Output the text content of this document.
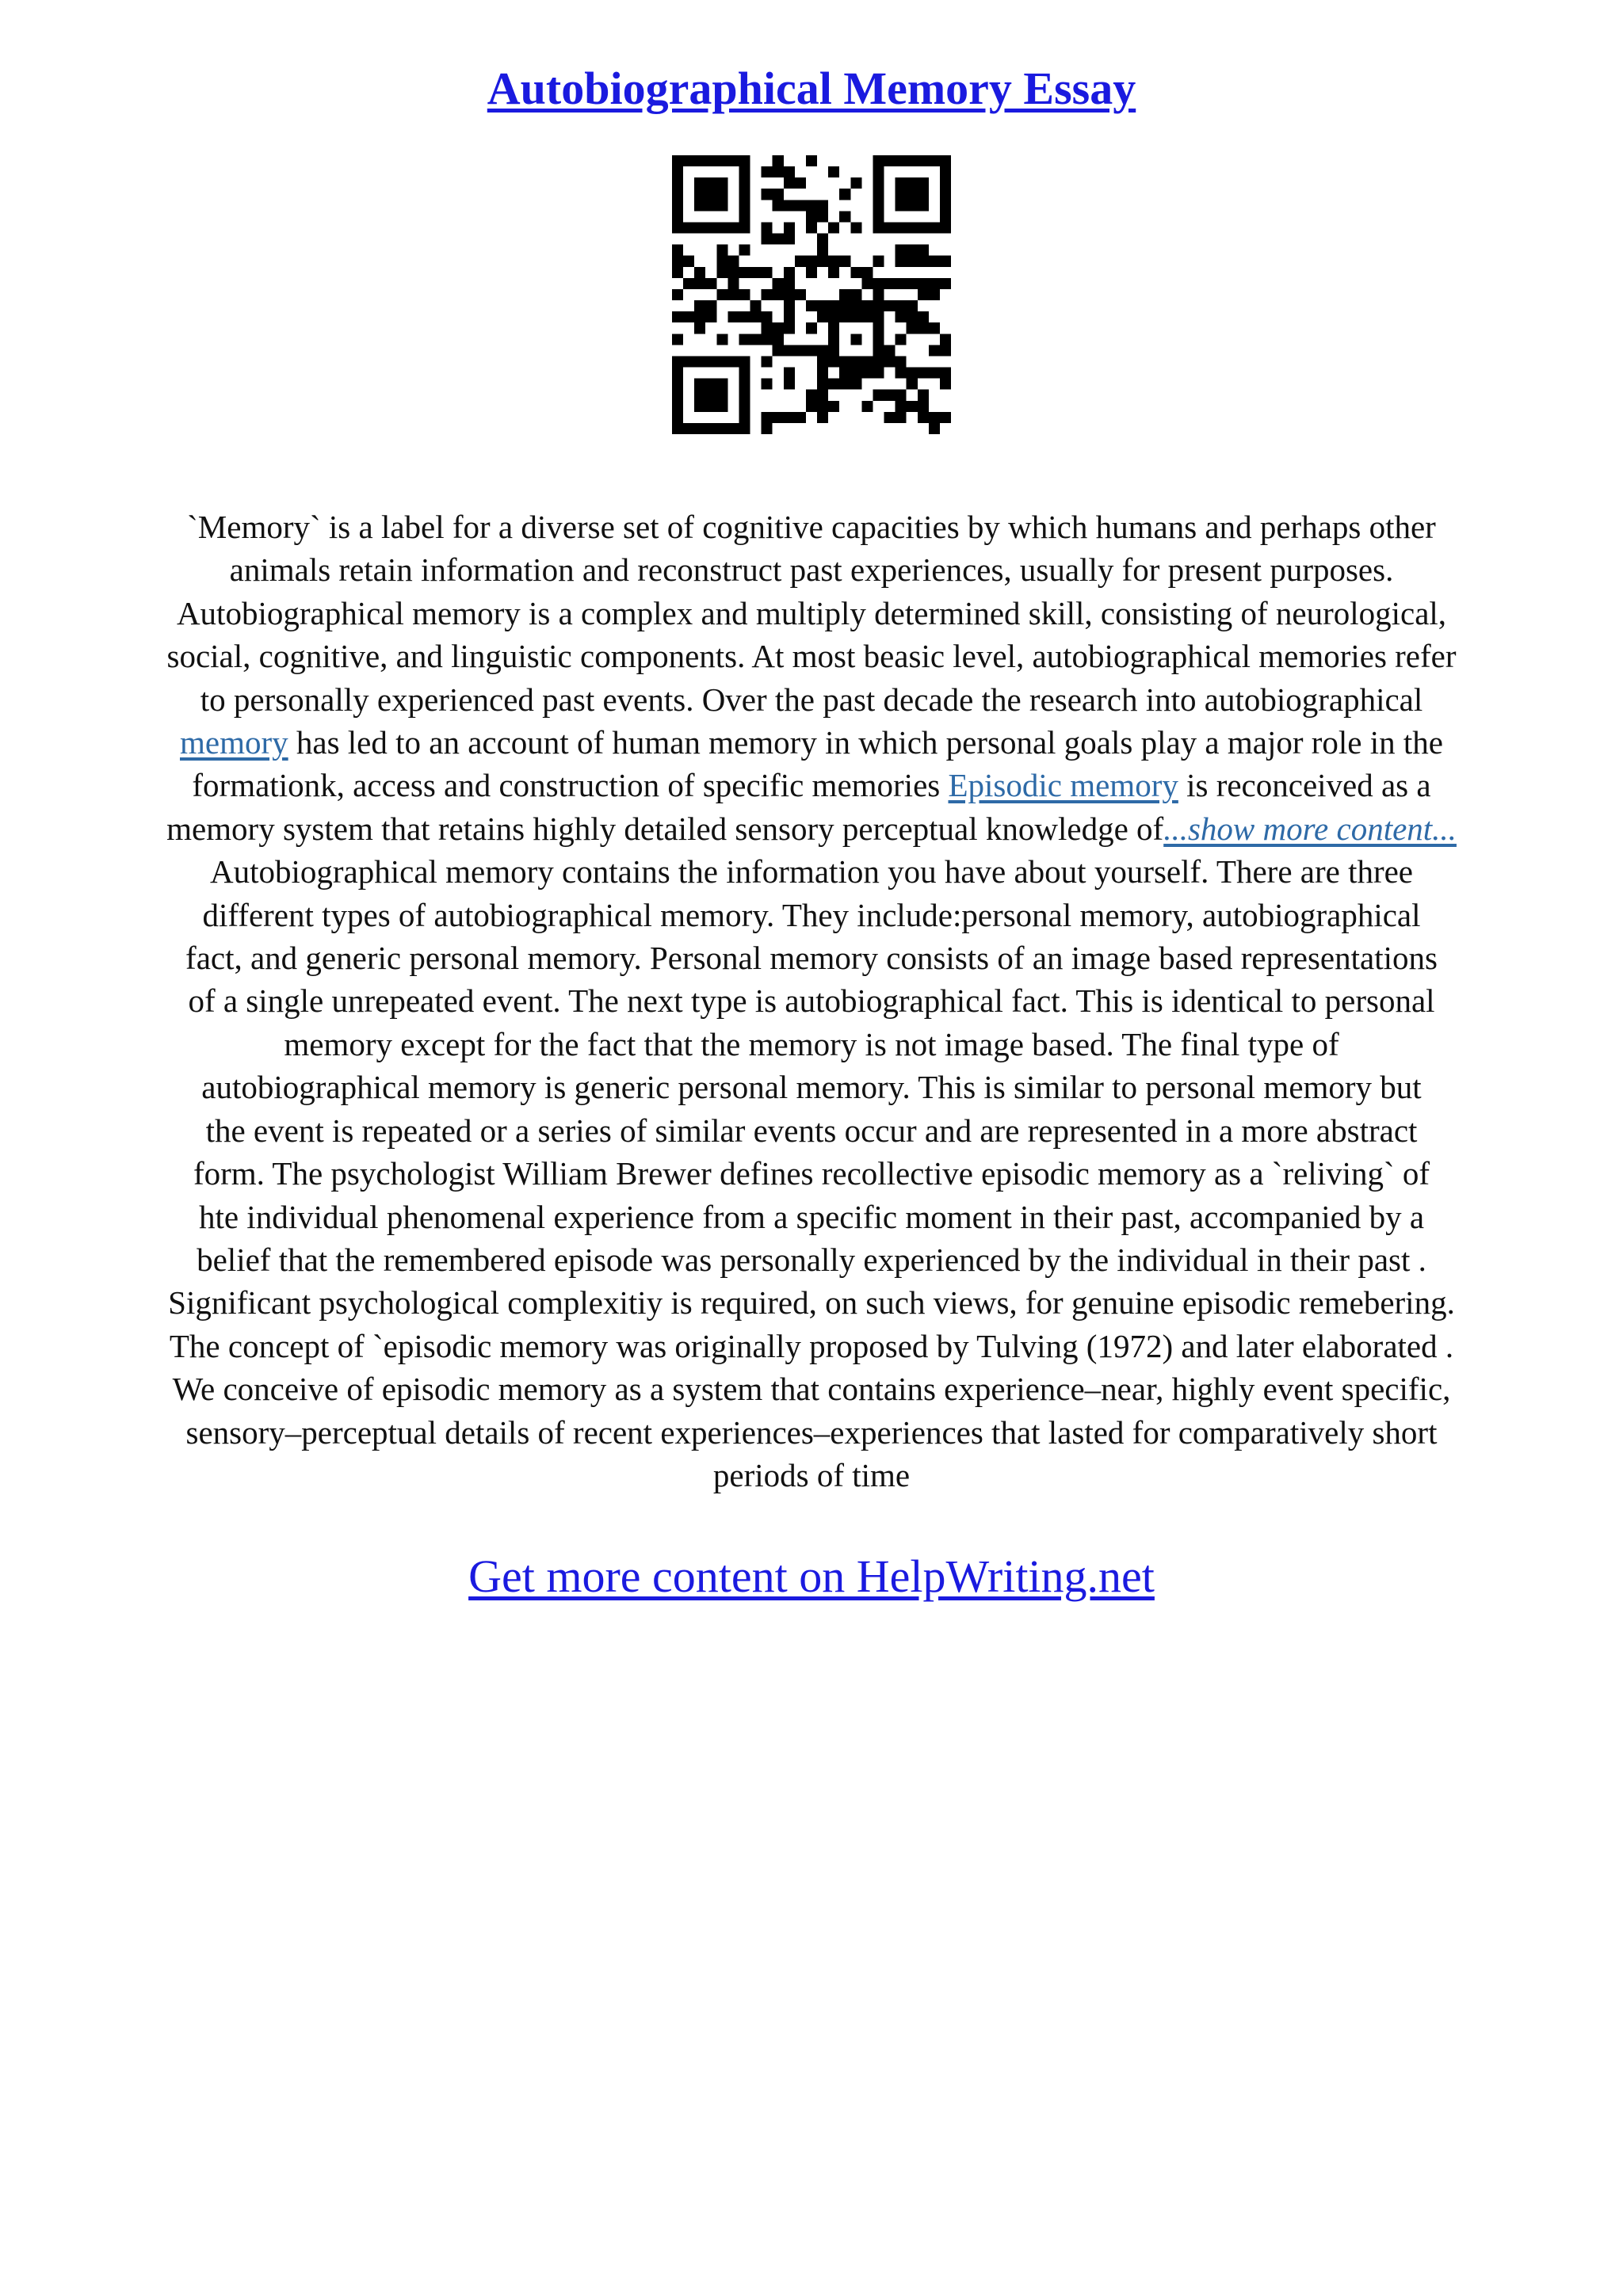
Autobiographical Memory Essay
`Memory` is a label for a diverse set of cognitive capacities by which humans and perhaps other
animals retain information and reconstruct past experiences, usually for present purposes.
Autobiographical memory is a complex and multiply determined skill, consisting of neurological,
social, cognitive, and linguistic components. At most beasic level, autobiographical memories refer
to personally experienced past events. Over the past decade the research into autobiographical
memory has led to an account of human memory in which personal goals play a major role in the
formationk, access and construction of specific memories Episodic memory is reconceived as a
memory system that retains highly detailed sensory perceptual knowledge of...show more content...
Autobiographical memory contains the information you have about yourself. There are three
different types of autobiographical memory. They include:personal memory, autobiographical
fact, and generic personal memory. Personal memory consists of an image based representations
of a single unrepeated event. The next type is autobiographical fact. This is identical to personal
memory except for the fact that the memory is not image based. The final type of
autobiographical memory is generic personal memory. This is similar to personal memory but
the event is repeated or a series of similar events occur and are represented in a more abstract
form. The psychologist William Brewer defines recollective episodic memory as a `reliving` of
hte individual phenomenal experience from a specific moment in their past, accompanied by a
belief that the remembered episode was personally experienced by the individual in their past .
Significant psychological complexitiy is required, on such views, for genuine episodic remebering.
The concept of `episodic memory was originally proposed by Tulving (1972) and later elaborated .
We conceive of episodic memory as a system that contains experience–near, highly event specific,
sensory–perceptual details of recent experiences–experiences that lasted for comparatively short
periods of time
Get more content on HelpWriting.net
